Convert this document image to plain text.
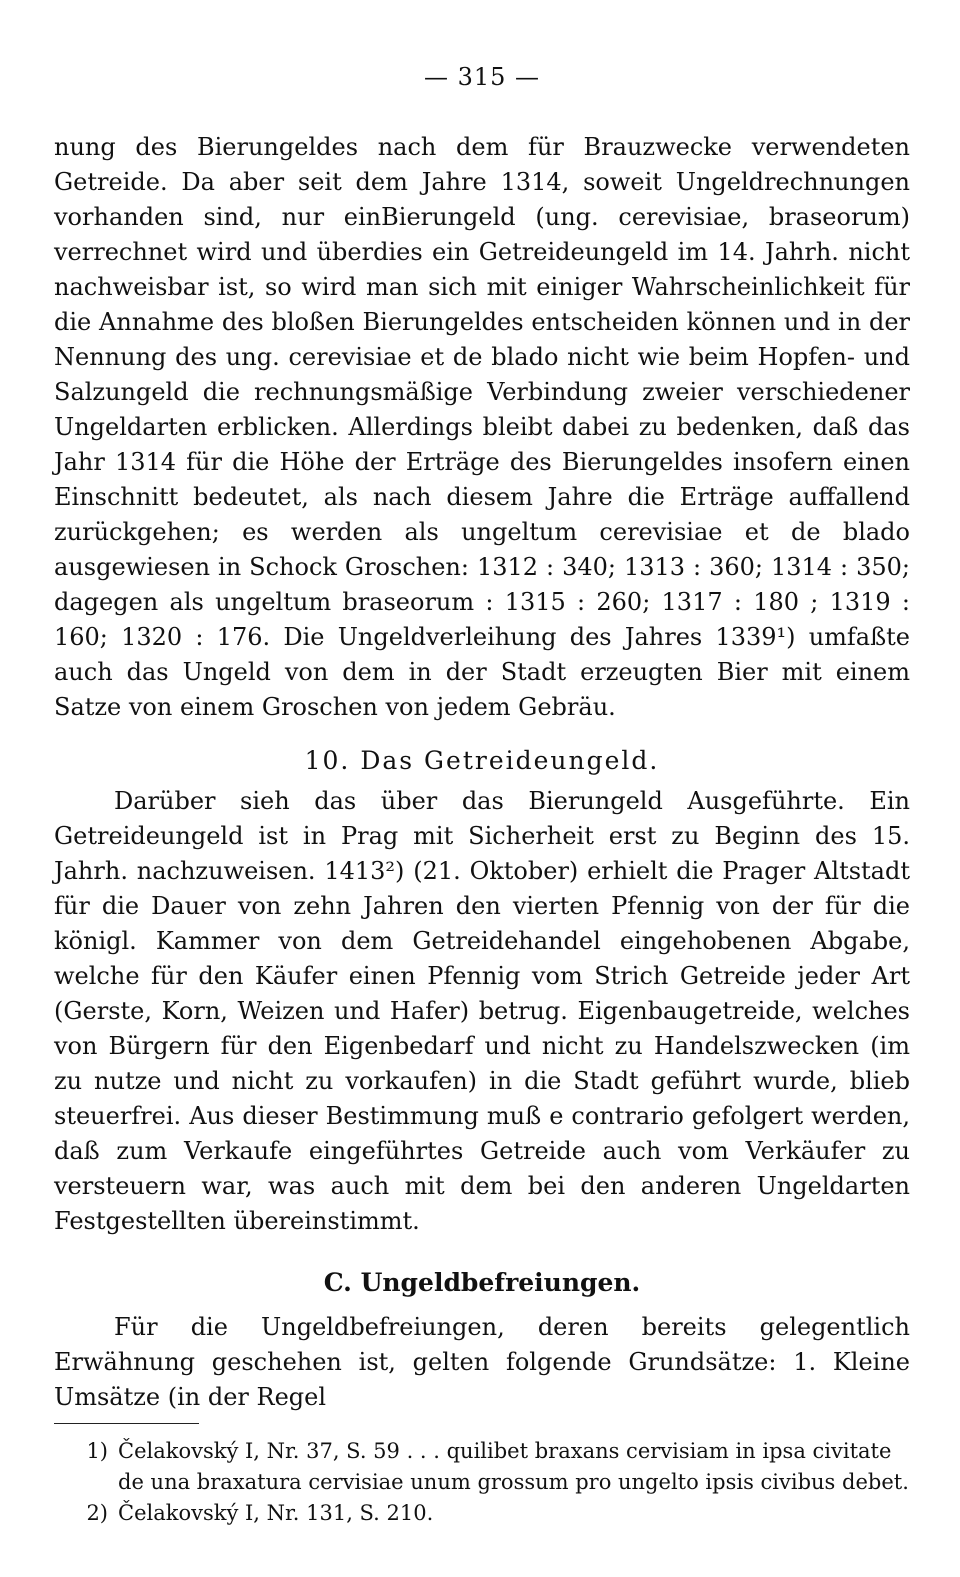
— 315 —

nung des Bierungeldes nach dem für Brauzwecke verwendeten Getreide. Da aber seit dem Jahre 1314, soweit Ungeldrechnungen vorhanden sind, nur einBierungeld (ung. cerevisiae, braseorum) verrechnet wird und überdies ein Getreideungeld im 14. Jahrh. nicht nachweisbar ist, so wird man sich mit einiger Wahrscheinlichkeit für die Annahme des bloßen Bierungeldes entscheiden können und in der Nennung des ung. cerevisiae et de blado nicht wie beim Hopfen- und Salzungeld die rechnungsmäßige Verbindung zweier verschiedener Ungeldarten erblicken. Allerdings bleibt dabei zu bedenken, daß das Jahr 1314 für die Höhe der Erträge des Bierungeldes insofern einen Einschnitt bedeutet, als nach diesem Jahre die Erträge auffallend zurückgehen; es werden als ungeltum cerevisiae et de blado ausgewiesen in Schock Groschen: 1312 : 340; 1313 : 360; 1314 : 350; dagegen als ungeltum braseorum : 1315 : 260; 1317 : 180 ; 1319 : 160; 1320 : 176. Die Ungeldverleihung des Jahres 1339¹) umfaßte auch das Ungeld von dem in der Stadt erzeugten Bier mit einem Satze von einem Groschen von jedem Gebräu.

10. Das Getreideungeld.

Darüber sieh das über das Bierungeld Ausgeführte. Ein Getreideungeld ist in Prag mit Sicherheit erst zu Beginn des 15. Jahrh. nachzuweisen. 1413²) (21. Oktober) erhielt die Prager Altstadt für die Dauer von zehn Jahren den vierten Pfennig von der für die königl. Kammer von dem Getreidehandel eingehobenen Abgabe, welche für den Käufer einen Pfennig vom Strich Getreide jeder Art (Gerste, Korn, Weizen und Hafer) betrug. Eigenbaugetreide, welches von Bürgern für den Eigenbedarf und nicht zu Handelszwecken (im zu nutze und nicht zu vorkaufen) in die Stadt geführt wurde, blieb steuerfrei. Aus dieser Bestimmung muß e contrario gefolgert werden, daß zum Verkaufe eingeführtes Getreide auch vom Verkäufer zu versteuern war, was auch mit dem bei den anderen Ungeldarten Festgestellten übereinstimmt.

C. Ungeldbefreiungen.

Für die Ungeldbefreiungen, deren bereits gelegentlich Erwähnung geschehen ist, gelten folgende Grundsätze: 1. Kleine Umsätze (in der Regel

1) Čelakovský I, Nr. 37, S. 59 . . . quilibet braxans cervisiam in ipsa civitate de una braxatura cervisiae unum grossum pro ungelto ipsis civibus debet.
2) Čelakovský I, Nr. 131, S. 210.
